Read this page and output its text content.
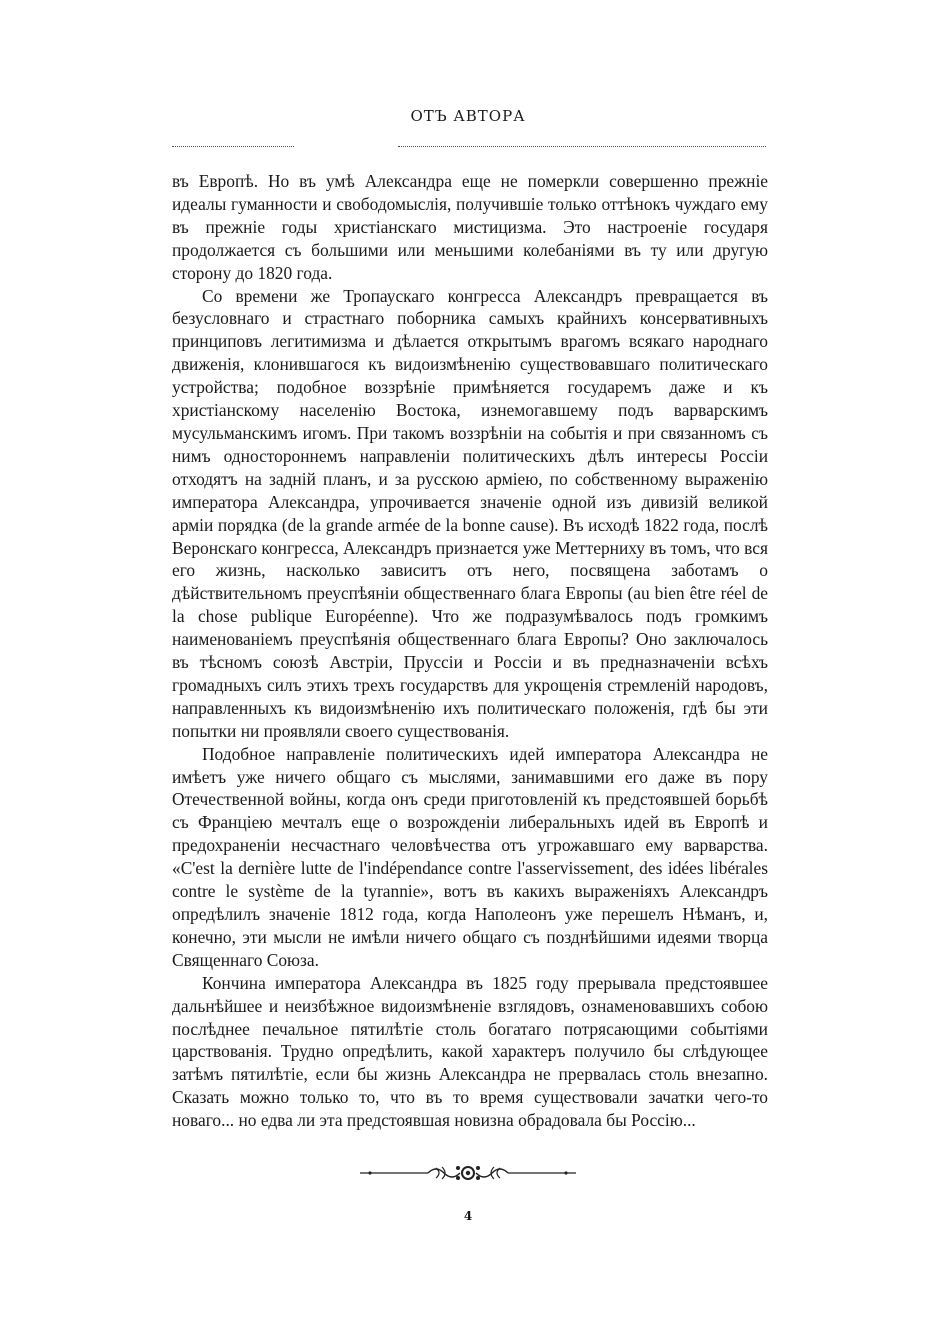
ОТЪ АВТОРА

въ Европѣ. Но въ умѣ Александра еще не померкли совершенно прежніе идеалы гуманности и свободомыслія, получившіе только оттѣнокъ чуждаго ему въ прежніе годы христіанскаго мистицизма. Это настроеніе государя продолжается съ большими или меньшими колебаніями въ ту или другую сторону до 1820 года.

Со времени же Тропаускаго конгресса Александръ превращается въ безусловнаго и страстнаго поборника самыхъ крайнихъ консервативныхъ принциповъ легитимизма и дѣлается открытымъ врагомъ всякаго народнаго движенія, клонившагося къ видоизмѣненію существовавшаго политическаго устройства; подобное воззрѣніе примѣняется государемъ даже и къ христіанскому населенію Востока, изнемогавшему подъ варварскимъ мусульманскимъ игомъ. При такомъ воззрѣніи на событія и при связанномъ съ нимъ одностороннемъ направленіи политическихъ дѣлъ интересы Россіи отходятъ на задній планъ, и за русскою арміею, по собственному выраженію императора Александра, упрочивается значеніе одной изъ дивизій великой арміи порядка (de la grande armée de la bonne cause). Въ исходѣ 1822 года, послѣ Веронскаго конгресса, Александръ признается уже Меттерниху въ томъ, что вся его жизнь, насколько зависитъ отъ него, посвящена заботамъ о дѣйствительномъ преуспѣяніи общественнаго блага Европы (au bien être réel de la chose publique Européenne). Что же подразумѣвалось подъ громкимъ наименованіемъ преуспѣянія общественнаго блага Европы? Оно заключалось въ тѣсномъ союзѣ Австріи, Пруссіи и Россіи и въ предназначеніи всѣхъ громадныхъ силъ этихъ трехъ государствъ для укрощенія стремленій народовъ, направленныхъ къ видоизмѣненію ихъ политическаго положенія, гдѣ бы эти попытки ни проявляли своего существованія.

Подобное направленіе политическихъ идей императора Александра не имѣетъ уже ничего общаго съ мыслями, занимавшими его даже въ пору Отечественной войны, когда онъ среди приготовленій къ предстоявшей борьбѣ съ Франціею мечталъ еще о возрожденіи либеральныхъ идей въ Европѣ и предохраненіи несчастнаго человѣчества отъ угрожавшаго ему варварства. «C'est la dernière lutte de l'indépendance contre l'asservissement, des idées libérales contre le système de la tyrannie», вотъ въ какихъ выраженіяхъ Александръ опредѣлилъ значеніе 1812 года, когда Наполеонъ уже перешелъ Нѣманъ, и, конечно, эти мысли не имѣли ничего общаго съ позднѣйшими идеями творца Священнаго Союза.

Кончина императора Александра въ 1825 году прерывала предстоявшее дальнѣйшее и неизбѣжное видоизмѣненіе взглядовъ, ознаменовавшихъ собою послѣднее печальное пятилѣтіе столь богатаго потрясающими событіями царствованія. Трудно опредѣлить, какой характеръ получило бы слѣдующее затѣмъ пятилѣтіе, если бы жизнь Александра не прервалась столь внезапно. Сказать можно только то, что въ то время существовали зачатки чего-то новаго... но едва ли эта предстоявшая новизна обрадовала бы Россію...

4
